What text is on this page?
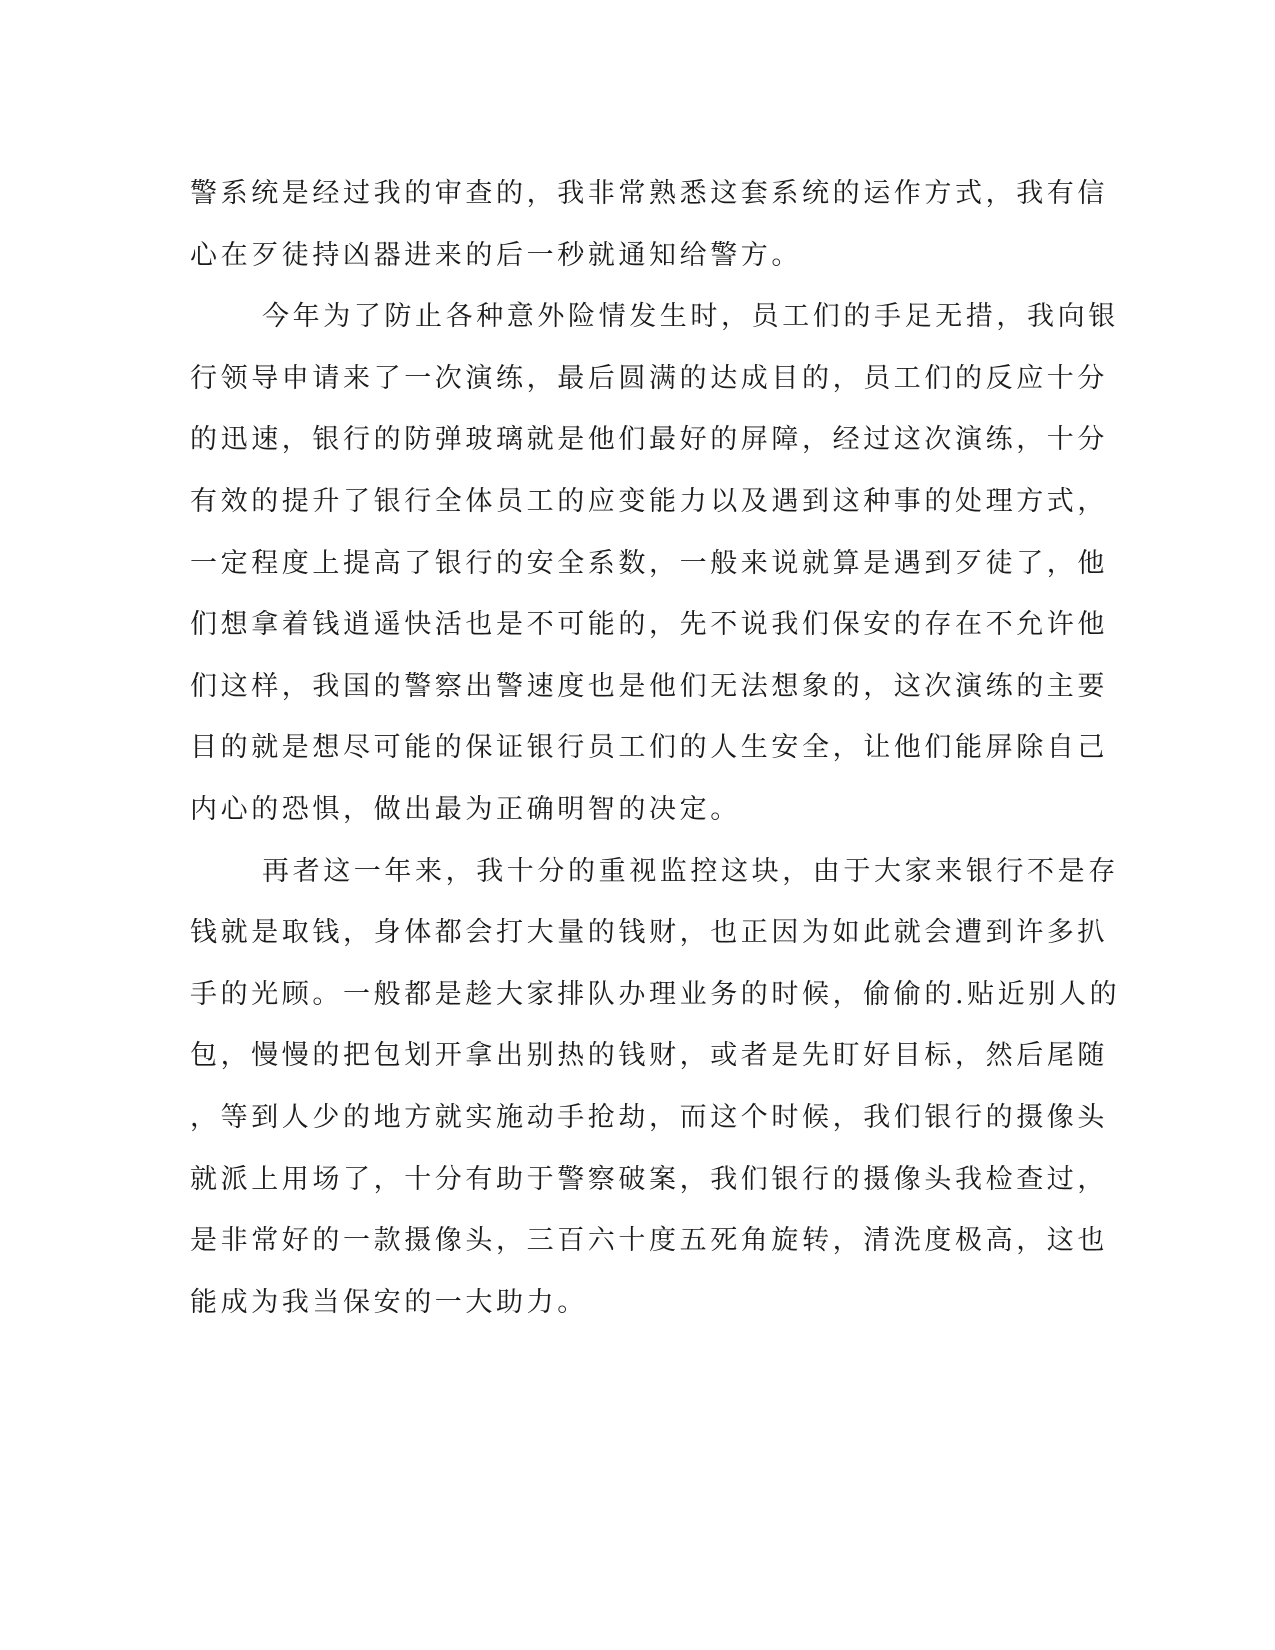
警系统是经过我的审查的，我非常熟悉这套系统的运作方式，我有信
心在歹徒持凶器进来的后一秒就通知给警方。
今年为了防止各种意外险情发生时，员工们的手足无措，我向银
行领导申请来了一次演练，最后圆满的达成目的，员工们的反应十分
的迅速，银行的防弹玻璃就是他们最好的屏障，经过这次演练，十分
有效的提升了银行全体员工的应变能力以及遇到这种事的处理方式，
一定程度上提高了银行的安全系数，一般来说就算是遇到歹徒了，他
们想拿着钱逍遥快活也是不可能的，先不说我们保安的存在不允许他
们这样，我国的警察出警速度也是他们无法想象的，这次演练的主要
目的就是想尽可能的保证银行员工们的人生安全，让他们能屏除自己
内心的恐惧，做出最为正确明智的决定。
再者这一年来，我十分的重视监控这块，由于大家来银行不是存
钱就是取钱，身体都会打大量的钱财，也正因为如此就会遭到许多扒
手的光顾。一般都是趁大家排队办理业务的时候，偷偷的.贴近别人的
包，慢慢的把包划开拿出别热的钱财，或者是先盯好目标，然后尾随
，等到人少的地方就实施动手抢劫，而这个时候，我们银行的摄像头
就派上用场了，十分有助于警察破案，我们银行的摄像头我检查过，
是非常好的一款摄像头，三百六十度五死角旋转，清洗度极高，这也
能成为我当保安的一大助力。
